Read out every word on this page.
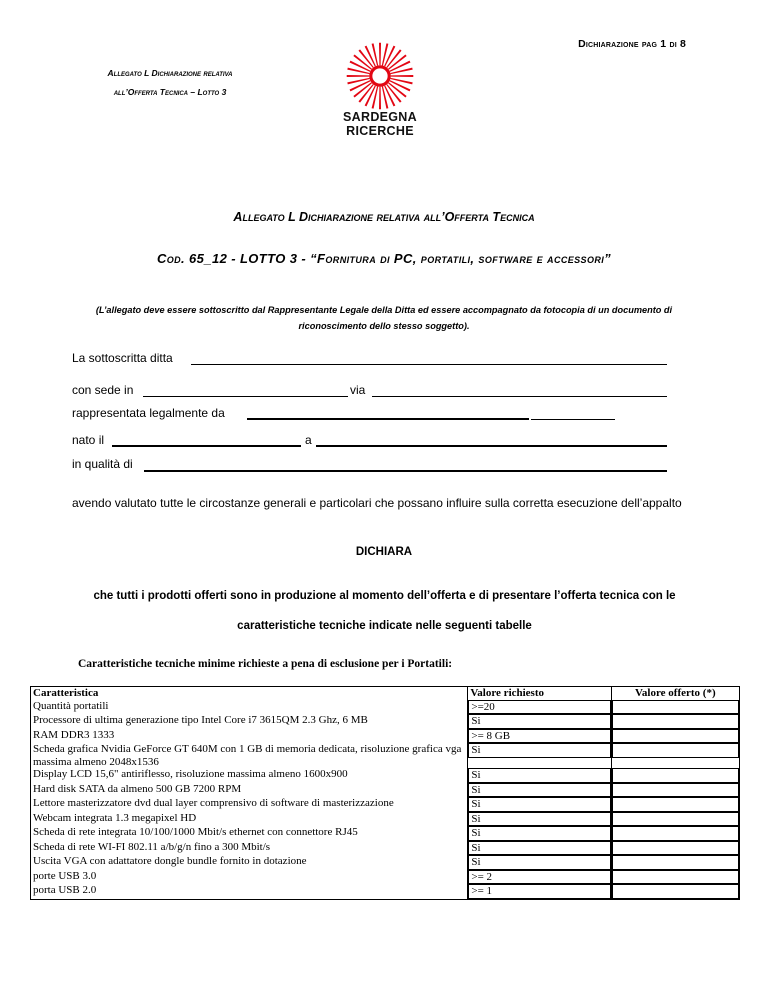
Dichiarazione pag 1 di 8
Allegato L Dichiarazione relativa
all’Offerta Tecnica – Lotto 3
SARDEGNA
RICERCHE
Allegato L Dichiarazione relativa all’Offerta Tecnica
Cod. 65_12 - LOTTO 3 - “Fornitura di PC, portatili, software e accessori”
(L’allegato deve essere sottoscritto dal Rappresentante Legale della Ditta ed essere accompagnato da fotocopia di un documento di riconoscimento dello stesso soggetto).
La sottoscritta ditta
con sede in	via
rappresentata legalmente da
nato il	a
in qualità di
avendo valutato tutte le circostanze generali e particolari che possano influire sulla corretta esecuzione dell’appalto
DICHIARA
che tutti i prodotti offerti sono in produzione al momento dell’offerta e di presentare l’offerta tecnica con le caratteristiche tecniche indicate nelle seguenti tabelle
Caratteristiche tecniche minime richieste a pena di esclusione per i Portatili:
Caratteristica	Valore richiesto	Valore offerto (*)
Quantità portatili	>=20	

Processore di ultima generazione tipo Intel Core i7 3615QM 2.3 Ghz, 6 MB	Si	

RAM DDR3 1333	>= 8 GB	

Scheda grafica Nvidia GeForce GT 640M con 1 GB di memoria dedicata, risoluzione grafica vga massima almeno 2048x1536	Si	

Display LCD 15,6" antiriflesso, risoluzione massima almeno 1600x900	Si	

Hard disk SATA da almeno 500 GB 7200 RPM	Si	

Lettore masterizzatore dvd dual layer comprensivo di software di masterizzazione	Si	

Webcam integrata 1.3 megapixel HD	Si	

Scheda di rete integrata 10/100/1000 Mbit/s ethernet con connettore RJ45	Si	

Scheda di rete WI-FI 802.11 a/b/g/n fino a 300 Mbit/s	Si	

Uscita VGA con adattatore dongle bundle fornito in dotazione	Si	

porte USB 3.0	>= 2	

porta USB 2.0	>= 1	
